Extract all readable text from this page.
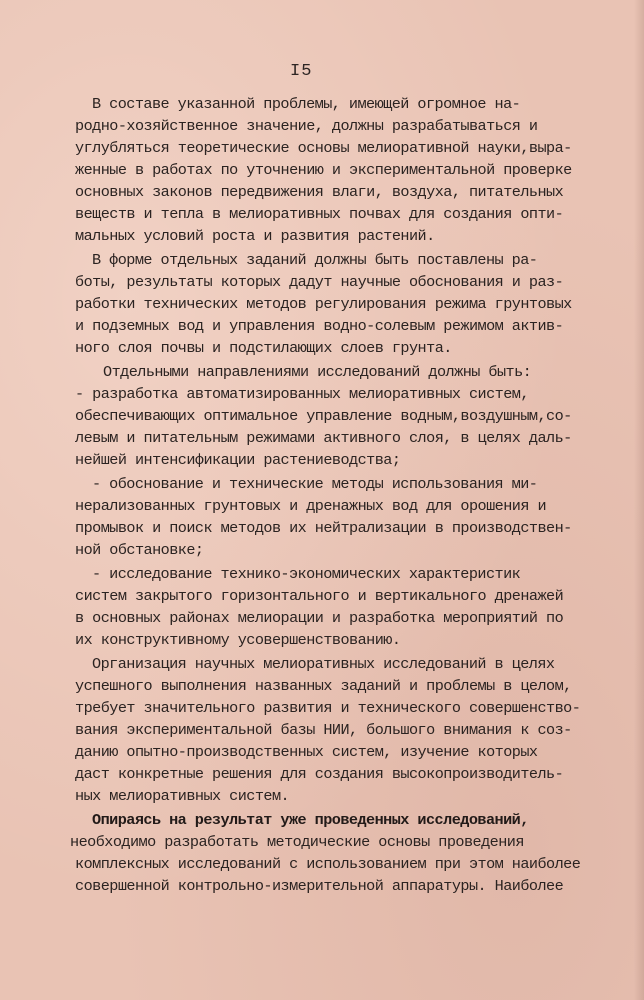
I5
В составе указанной проблемы, имеющей огромное на-
родно-хозяйственное значение, должны разрабатываться и
углубляться теоретические основы мелиоративной науки,выра-
женные в работах по уточнению и экспериментальной проверке
основных законов передвижения влаги, воздуха, питательных
веществ и тепла в мелиоративных почвах для создания опти-
мальных условий роста и развития растений.
В форме отдельных заданий должны быть поставлены ра-
боты, результаты которых дадут научные обоснования и раз-
работки технических методов регулирования режима грунтовых
и подземных вод и управления водно-солевым режимом актив-
ного слоя почвы и подстилающих слоев грунта.
Отдельными направлениями исследований должны быть:
- разработка автоматизированных мелиоративных систем,
обеспечивающих оптимальное управление водным,воздушным,со-
левым и питательным режимами активного слоя, в целях даль-
нейшей интенсификации растениеводства;
- обоснование и технические методы использования ми-
нерализованных грунтовых и дренажных вод для орошения и
промывок и поиск методов их нейтрализации в производствен-
ной обстановке;
- исследование технико-экономических характеристик
систем закрытого горизонтального и вертикального дренажей
в основных районах мелиорации и разработка мероприятий по
их конструктивному усовершенствованию.
Организация научных мелиоративных исследований в целях
успешного выполнения названных заданий и проблемы в целом,
требует значительного развития и технического совершенство-
вания экспериментальной базы НИИ, большого внимания к соз-
данию опытно-производственных систем, изучение которых
даст конкретные решения для создания высокопроизводитель-
ных мелиоративных систем.
Опираясь на результат уже проведенных исследований,
необходимо разработать методические основы проведения
комплексных исследований с использованием при этом наиболее
совершенной контрольно-измерительной аппаратуры. Наиболее
